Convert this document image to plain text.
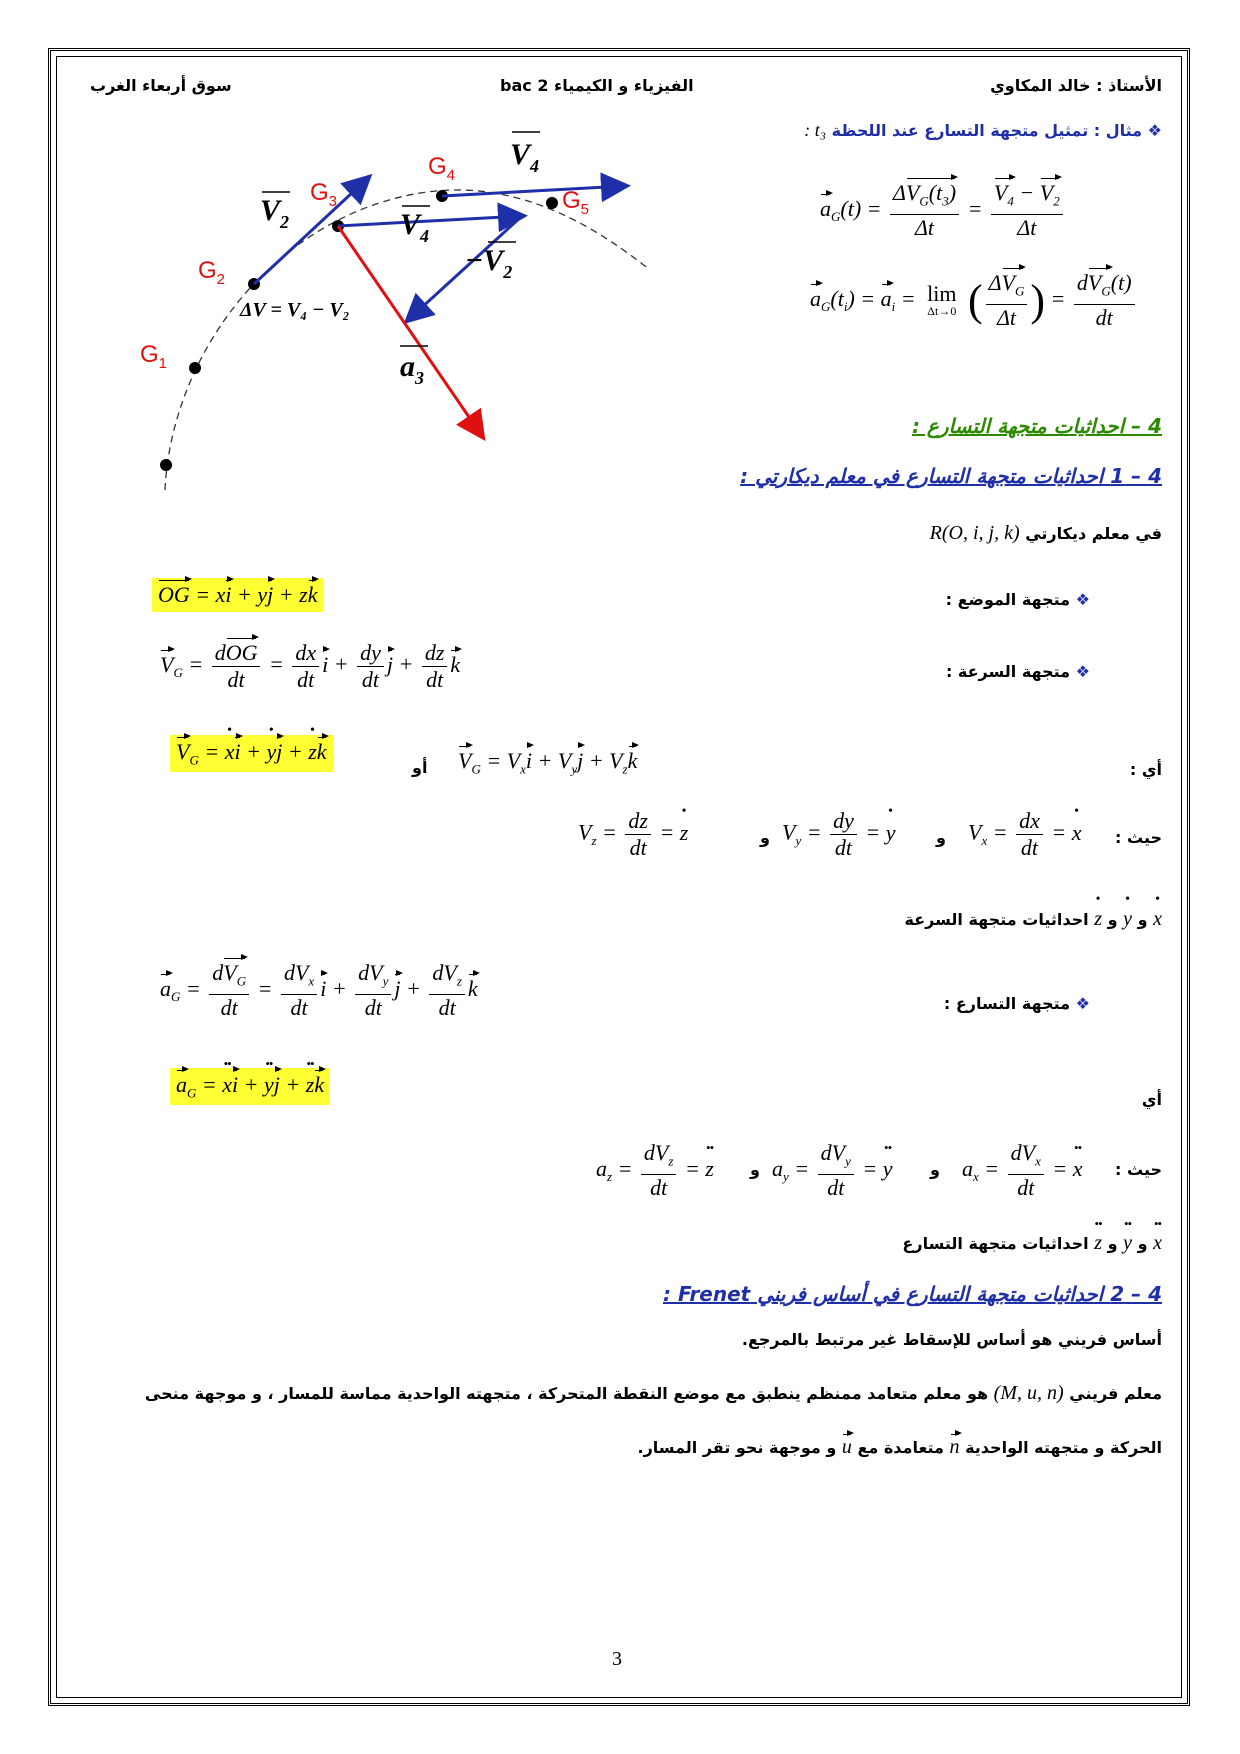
الأستاذ : خالد المكاوي
الفيزياء و الكيمياء 2 bac
سوق أربعاء الغرب
❖ مثال : تمثيل متجهة التسارع عند اللحظة t₃ :
$G_1$
$G_2$
$G_3$
$G_4$
$G_5$
$V_2$
$V_4$
$V_4$
$-V_2$
$a_3$
ΔV = V₄ − V₂
$a_G(t) = \frac{\Delta V_G(t_3)}{\Delta t} = \frac{V_4 - V_2}{\Delta t}$
$a_G(t_i) = a_i = \lim$
Δt→0 ( $\frac{\Delta V_G}{\Delta t}$ ) = $\frac{dV_G(t)}{dt}$
4 – احداثيات متجهة التسارع :
4 – 1 احداثيات متجهة التسارع في معلم ديكارتي :
في معلم ديكارتي R(O, i, j, k)
❖ متجهة الموضع :
OG = xi + yj + zk
❖ متجهة السرعة :
$V_G = \frac{\text{dOG}}{dt} = \frac{dx}{dt}$ $i + \frac{dy}{dt}$ $j + \frac{dz}{dt}$ k
أي :
$V_G$ = • xi + • yj + • zk
أو $V_G = V_xi + V_yj + V_zk$
حيث :
$V_z = \frac{dz}{dt}$ = • z	و $V_y = \frac{dy}{dt}$ = • y	و $V_x = \frac{dx}{dt}$ = • x
• x و • y و • z احداثيات متجهة السرعة
❖ متجهة التسارع :
$a_G = \frac{dV_G}{dt} = \frac{dV_x}{dt}$ $i + \frac{dV_y}{dt}$ $j + \frac{dV_z}{dt}$ k
أي
$a_G$ = •• xi + •• yj + •• zk
حيث :
$a_z = \frac{dV_z}{dt}$ = •• z و $a_y = \frac{dV_y}{dt}$ = •• y و $a_x = \frac{dV_x}{dt}$ = •• x
•• x و •• y و •• z احداثيات متجهة التسارع
4 – 2 احداثيات متجهة التسارع في أساس فريني Frenet :
أساس فريني هو أساس للإسقاط غير مرتبط بالمرجع.
معلم فريني (M, u, n) هو معلم متعامد ممنظم ينطبق مع موضع النقطة المتحركة ، متجهته الواحدية مماسة للمسار ، و موجهة منحى
الحركة و متجهته الواحدية n متعامدة مع u و موجهة نحو تقر المسار.
3
